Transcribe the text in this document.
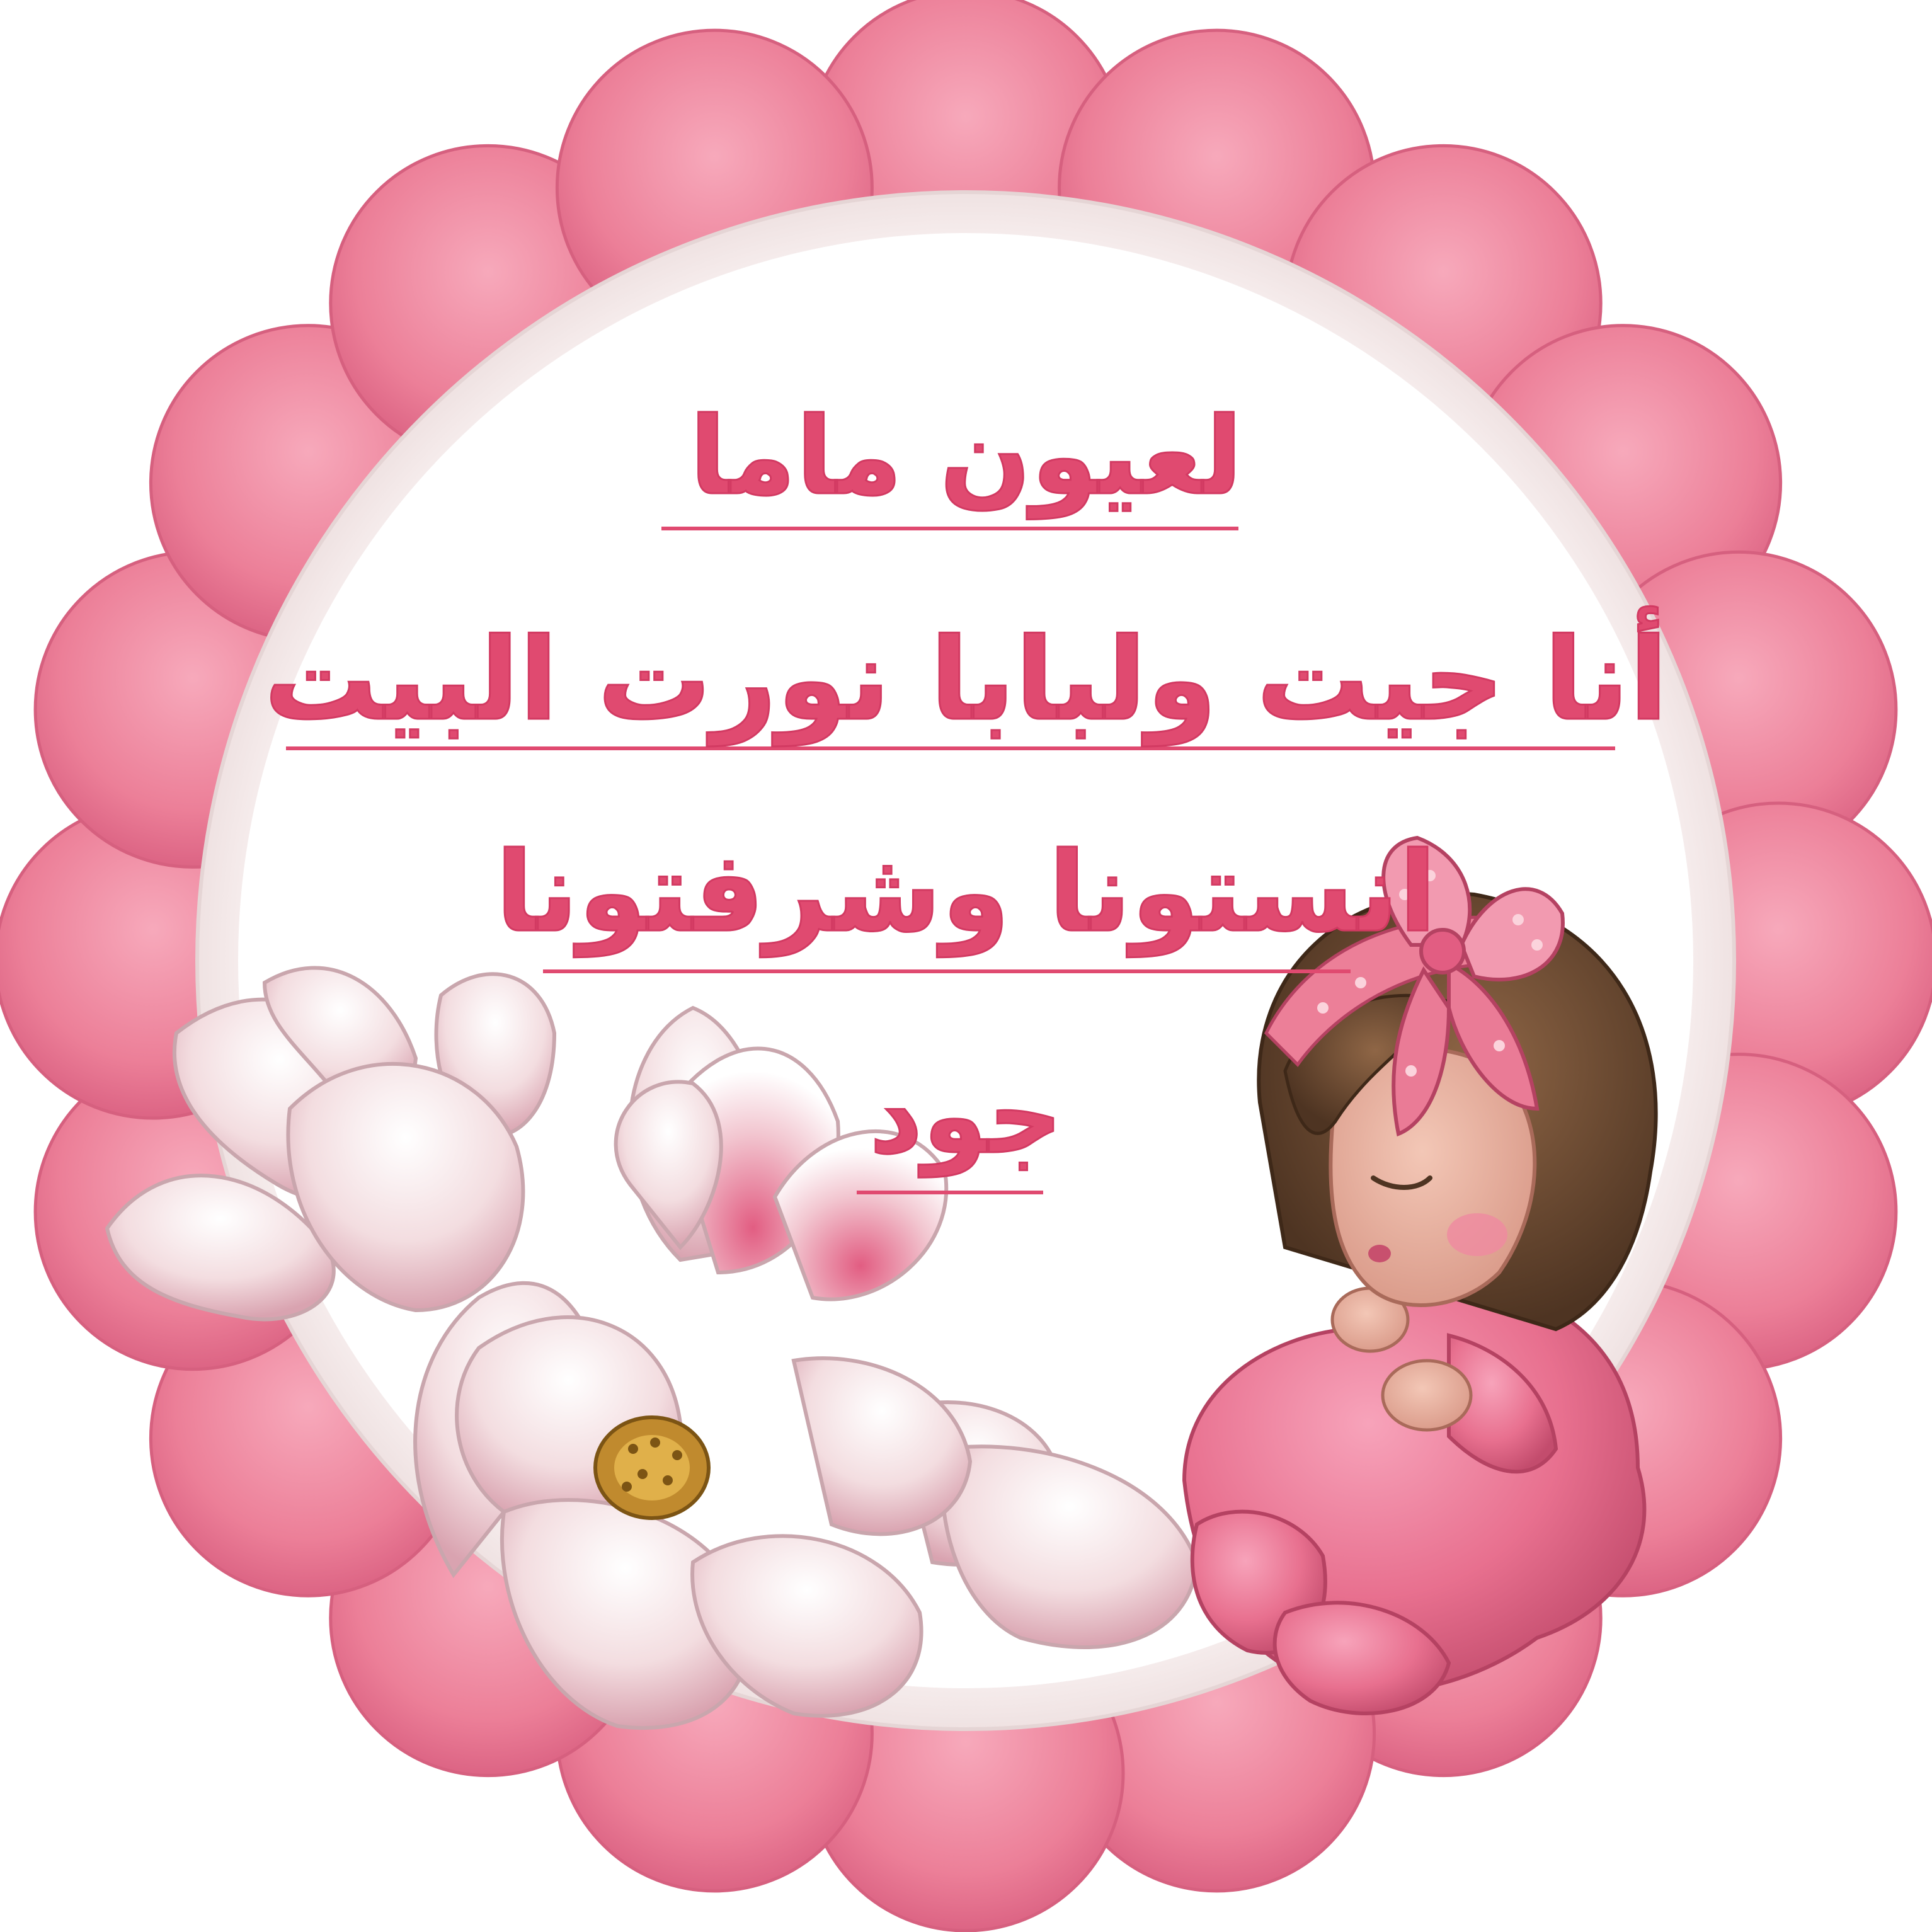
لعيون ماما
أنا جيت ولبابا نورت البيت
انستونا وشرفتونا
جود
